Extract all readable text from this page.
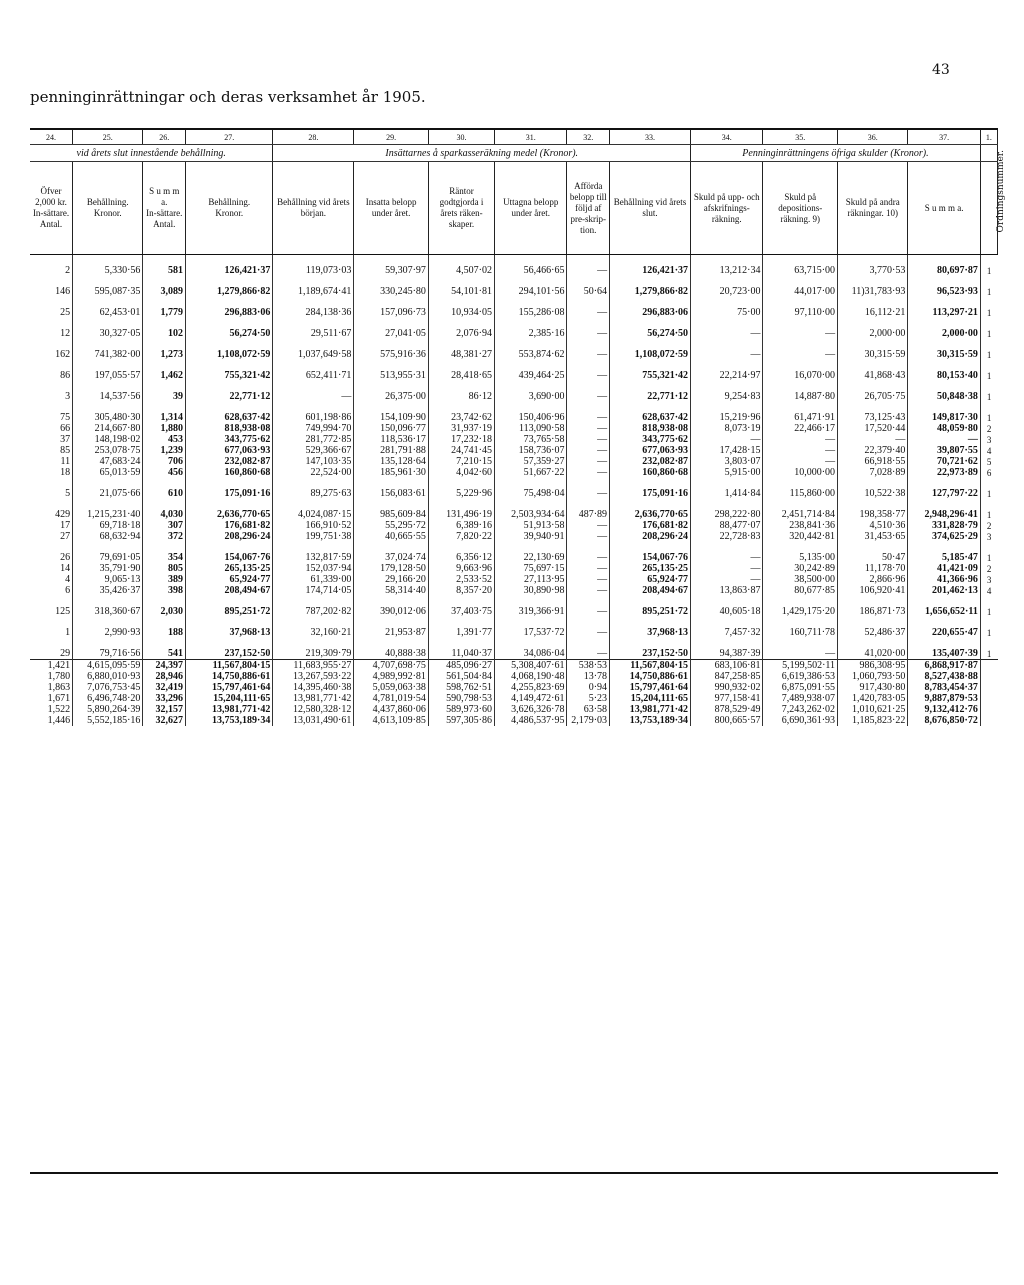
43
penninginrättningar och deras verksamhet år 1905.
Ordningsnummer.
24.	25.	26.	27.	28.	29.	30.	31.	32.	33.	34.	35.	36.	37.	1.
vid årets slut innestående behållning.				Insättarnes å sparkasseräkning medel (Kronor).						Penninginrättningens öfriga skulder (Kronor).				
Öfver 2,000 kr.
In-sättare.
Antal.	Behållning.
Kronor.	S u m m a.
In-sättare.
Antal.	Behållning.
Kronor.	Behållning vid årets början.	Insatta belopp under året.	Räntor godtgjorda i årets räken-skaper.	Uttagna belopp under året.	Afförda belopp till följd af pre-skrip-tion.	Behållning vid årets slut.	Skuld på upp- och afskrifnings-räkning.	Skuld på depositions-räkning. 9)	Skuld på andra räkningar. 10)	S u m m a.	

2	5,330·56	581	126,421·37	119,073·03	59,307·97	4,507·02	56,466·65	—	126,421·37	13,212·34	63,715·00	3,770·53	80,697·87	1

146	595,087·35	3,089	1,279,866·82	1,189,674·41	330,245·80	54,101·81	294,101·56	50·64	1,279,866·82	20,723·00	44,017·00	11)31,783·93	96,523·93	1

25	62,453·01	1,779	296,883·06	284,138·36	157,096·73	10,934·05	155,286·08	—	296,883·06	75·00	97,110·00	16,112·21	113,297·21	1

12	30,327·05	102	56,274·50	29,511·67	27,041·05	2,076·94	2,385·16	—	56,274·50	—	—	2,000·00	2,000·00	1

162	741,382·00	1,273	1,108,072·59	1,037,649·58	575,916·36	48,381·27	553,874·62	—	1,108,072·59	—	—	30,315·59	30,315·59	1

86	197,055·57	1,462	755,321·42	652,411·71	513,955·31	28,418·65	439,464·25	—	755,321·42	22,214·97	16,070·00	41,868·43	80,153·40	1

3	14,537·56	39	22,771·12	—	26,375·00	86·12	3,690·00	—	22,771·12	9,254·83	14,887·80	26,705·75	50,848·38	1

75	305,480·30	1,314	628,637·42	601,198·86	154,109·90	23,742·62	150,406·96	—	628,637·42	15,219·96	61,471·91	73,125·43	149,817·30	1
66	214,667·80	1,880	818,938·08	749,994·70	150,096·77	31,937·19	113,090·58	—	818,938·08	8,073·19	22,466·17	17,520·44	48,059·80	2
37	148,198·02	453	343,775·62	281,772·85	118,536·17	17,232·18	73,765·58	—	343,775·62	—	—	—	—	3
85	253,078·75	1,239	677,063·93	529,366·67	281,791·88	24,741·45	158,736·07	—	677,063·93	17,428·15	—	22,379·40	39,807·55	4
11	47,683·24	706	232,082·87	147,103·35	135,128·64	7,210·15	57,359·27	—	232,082·87	3,803·07	—	66,918·55	70,721·62	5
18	65,013·59	456	160,860·68	22,524·00	185,961·30	4,042·60	51,667·22	—	160,860·68	5,915·00	10,000·00	7,028·89	22,973·89	6

5	21,075·66	610	175,091·16	89,275·63	156,083·61	5,229·96	75,498·04	—	175,091·16	1,414·84	115,860·00	10,522·38	127,797·22	1

429	1,215,231·40	4,030	2,636,770·65	4,024,087·15	985,609·84	131,496·19	2,503,934·64	487·89	2,636,770·65	298,222·80	2,451,714·84	198,358·77	2,948,296·41	1
17	69,718·18	307	176,681·82	166,910·52	55,295·72	6,389·16	51,913·58	—	176,681·82	88,477·07	238,841·36	4,510·36	331,828·79	2
27	68,632·94	372	208,296·24	199,751·38	40,665·55	7,820·22	39,940·91	—	208,296·24	22,728·83	320,442·81	31,453·65	374,625·29	3

26	79,691·05	354	154,067·76	132,817·59	37,024·74	6,356·12	22,130·69	—	154,067·76	—	5,135·00	50·47	5,185·47	1
14	35,791·90	805	265,135·25	152,037·94	179,128·50	9,663·96	75,697·15	—	265,135·25	—	30,242·89	11,178·70	41,421·09	2
4	9,065·13	389	65,924·77	61,339·00	29,166·20	2,533·52	27,113·95	—	65,924·77	—	38,500·00	2,866·96	41,366·96	3
6	35,426·37	398	208,494·67	174,714·05	58,314·40	8,357·20	30,890·98	—	208,494·67	13,863·87	80,677·85	106,920·41	201,462·13	4

125	318,360·67	2,030	895,251·72	787,202·82	390,012·06	37,403·75	319,366·91	—	895,251·72	40,605·18	1,429,175·20	186,871·73	1,656,652·11	1

1	2,990·93	188	37,968·13	32,160·21	21,953·87	1,391·77	17,537·72	—	37,968·13	7,457·32	160,711·78	52,486·37	220,655·47	1

29	79,716·56	541	237,152·50	219,309·79	40,888·38	11,040·37	34,086·04	—	237,152·50	94,387·39	—	41,020·00	135,407·39	1
1,421	4,615,095·59	24,397	11,567,804·15	11,683,955·27	4,707,698·75	485,096·27	5,308,407·61	538·53	11,567,804·15	683,106·81	5,199,502·11	986,308·95	6,868,917·87	
1,780	6,880,010·93	28,946	14,750,886·61	13,267,593·22	4,989,992·81	561,504·84	4,068,190·48	13·78	14,750,886·61	847,258·85	6,619,386·53	1,060,793·50	8,527,438·88	
1,863	7,076,753·45	32,419	15,797,461·64	14,395,460·38	5,059,063·38	598,762·51	4,255,823·69	0·94	15,797,461·64	990,932·02	6,875,091·55	917,430·80	8,783,454·37	
1,671	6,496,748·20	33,296	15,204,111·65	13,981,771·42	4,781,019·54	590,798·53	4,149,472·61	5·23	15,204,111·65	977,158·41	7,489,938·07	1,420,783·05	9,887,879·53	
1,522	5,890,264·39	32,157	13,981,771·42	12,580,328·12	4,437,860·06	589,973·60	3,626,326·78	63·58	13,981,771·42	878,529·49	7,243,262·02	1,010,621·25	9,132,412·76	
1,446	5,552,185·16	32,627	13,753,189·34	13,031,490·61	4,613,109·85	597,305·86	4,486,537·95	2,179·03	13,753,189·34	800,665·57	6,690,361·93	1,185,823·22	8,676,850·72	
